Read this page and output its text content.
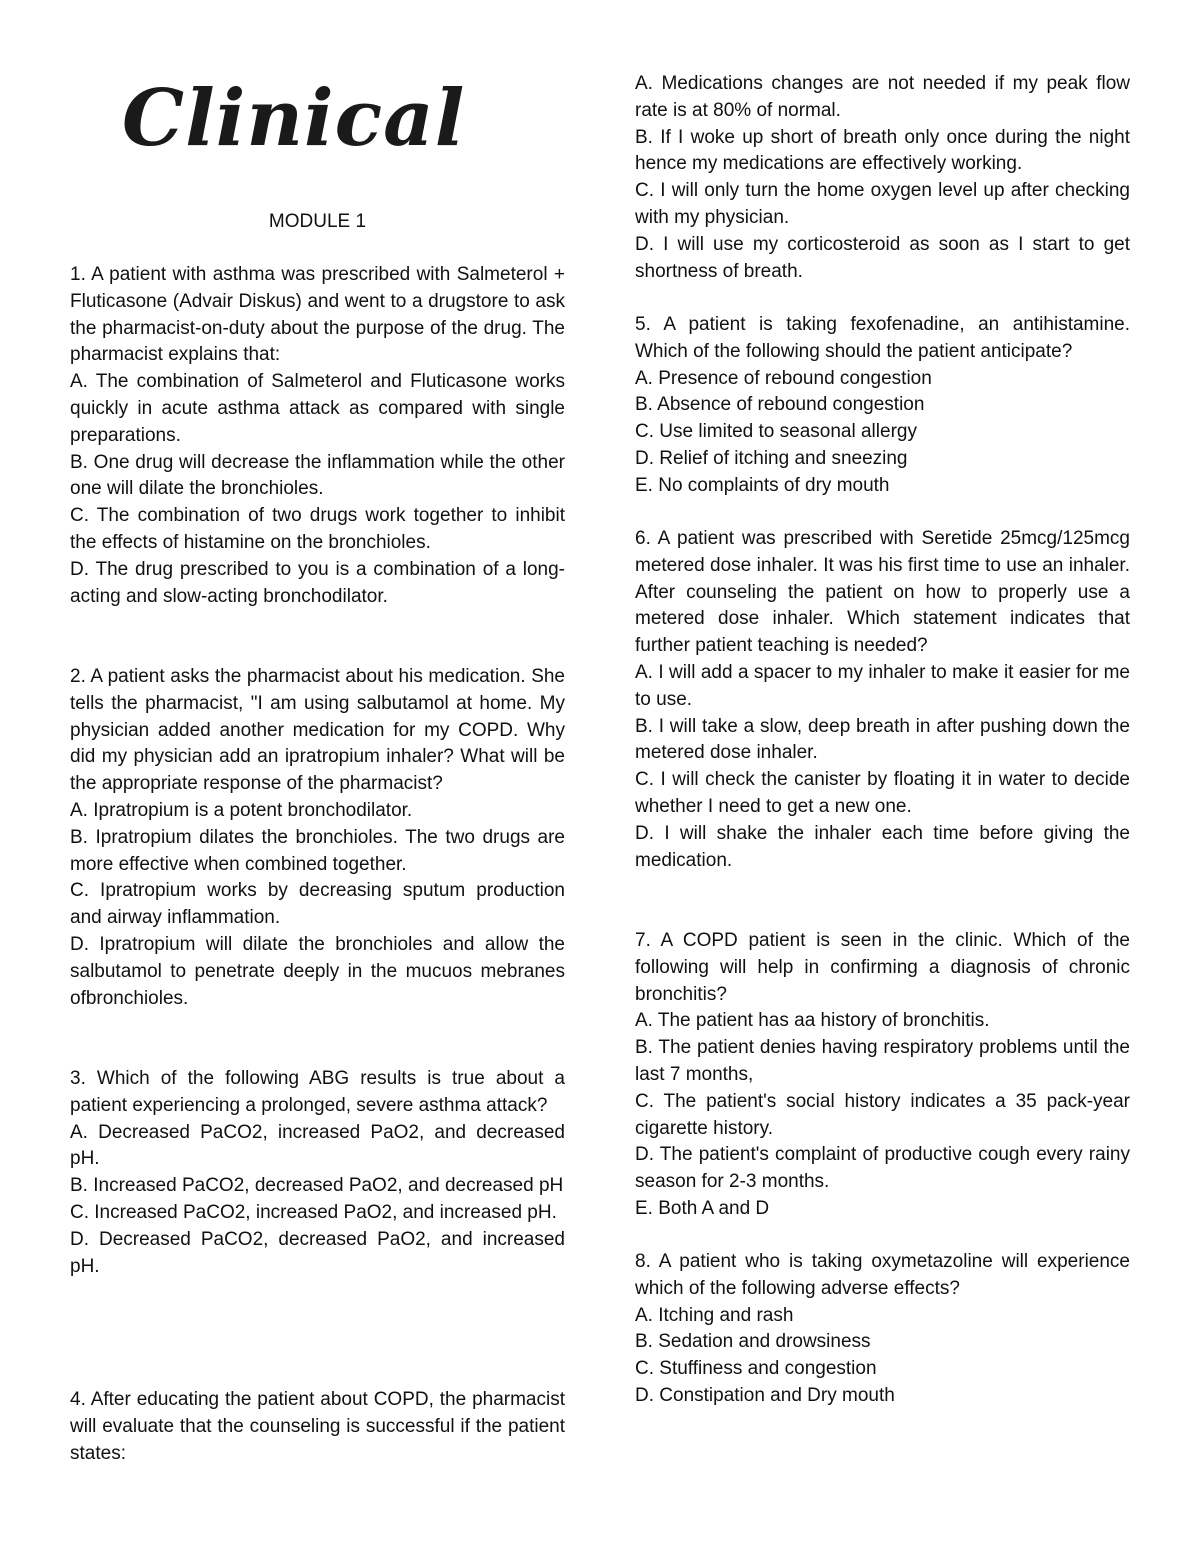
Clinical

MODULE 1

1. A patient with asthma was prescribed with Salmeterol + Fluticasone (Advair Diskus) and went to a drugstore to ask the pharmacist-on-duty about the purpose of the drug. The pharmacist explains that:

A. The combination of Salmeterol and Fluticasone works quickly in acute asthma attack as compared with single preparations.

B. One drug will decrease the inflammation while the other one will dilate the bronchioles.

C. The combination of two drugs work together to inhibit the effects of histamine on the bronchioles.

D. The drug prescribed to you is a combination of a long-acting and slow-acting bronchodilator.

2. A patient asks the pharmacist about his medication. She tells the pharmacist, "I am using salbutamol at home. My physician added another medication for my COPD. Why did my physician add an ipratropium inhaler? What will be the appropriate response of the pharmacist?

A. Ipratropium is a potent bronchodilator.

B. Ipratropium dilates the bronchioles. The two drugs are more effective when combined together.

C. Ipratropium works by decreasing sputum production and airway inflammation.

D. Ipratropium will dilate the bronchioles and allow the salbutamol to penetrate deeply in the mucuos mebranes ofbronchioles.

3. Which of the following ABG results is true about a patient experiencing a prolonged, severe asthma attack?

A. Decreased PaCO2, increased PaO2, and decreased pH.

B. Increased PaCO2, decreased PaO2, and decreased pH

C. Increased PaCO2, increased PaO2, and increased pH.

D. Decreased PaCO2, decreased PaO2, and increased pH.

4. After educating the patient about COPD, the pharmacist will evaluate that the counseling is successful if the patient states:

A. Medications changes are not needed if my peak flow rate is at 80% of normal.

B. If I woke up short of breath only once during the night hence my medications are effectively working.

C. I will only turn the home oxygen level up after checking with my physician.

D. I will use my corticosteroid as soon as I start to get shortness of breath.

5. A patient is taking fexofenadine, an antihistamine. Which of the following should the patient anticipate?

A. Presence of rebound congestion

B. Absence of rebound congestion

C. Use limited to seasonal allergy

D. Relief of itching and sneezing

E. No complaints of dry mouth

6. A patient was prescribed with Seretide 25mcg/125mcg metered dose inhaler. It was his first time to use an inhaler. After counseling the patient on how to properly use a metered dose inhaler. Which statement indicates that further patient teaching is needed?

A. I will add a spacer to my inhaler to make it easier for me to use.

B. I will take a slow, deep breath in after pushing down the metered dose inhaler.

C. I will check the canister by floating it in water to decide whether I need to get a new one.

D. I will shake the inhaler each time before giving the medication.

7. A COPD patient is seen in the clinic. Which of the following will help in confirming a diagnosis of chronic bronchitis?

A. The patient has aa history of bronchitis.

B. The patient denies having respiratory problems until the last 7 months,

C. The patient's social history indicates a 35 pack-year cigarette history.

D. The patient's complaint of productive cough every rainy season for 2-3 months.

E. Both A and D

8. A patient who is taking oxymetazoline will experience which of the following adverse effects?

A. Itching and rash

B. Sedation and drowsiness

C. Stuffiness and congestion

D. Constipation and Dry mouth
